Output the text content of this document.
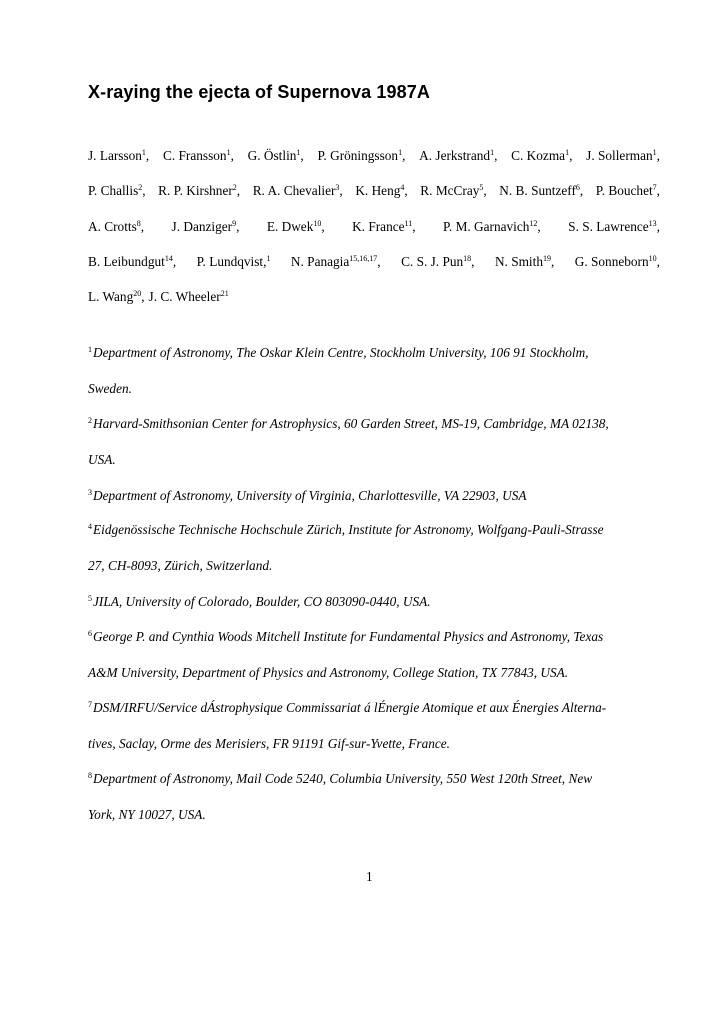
X-raying the ejecta of Supernova 1987A
J. Larsson$^1$, C. Fransson$^1$, G. Östlin$^1$, P. Gröningsson$^1$, A. Jerkstrand$^1$, C. Kozma$^1$, J. Sollerman$^1$,
P. Challis$^2$, R. P. Kirshner$^2$, R. A. Chevalier$^3$, K. Heng$^4$, R. McCray$^5$, N. B. Suntzeff$^6$, P. Bouchet$^7$,
A. Crotts$^8$, J. Danziger$^9$, E. Dwek$^{10}$, K. France$^{11}$, P. M. Garnavich$^{12}$, S. S. Lawrence$^{13}$,
B. Leibundgut$^{14}$, P. Lundqvist,$^1$ N. Panagia$^{15,16,17}$, C. S. J. Pun$^{18}$, N. Smith$^{19}$, G. Sonneborn$^{10}$,
L. Wang$^{20}$, J. C. Wheeler$^{21}$
$^1$Department of Astronomy, The Oskar Klein Centre, Stockholm University, 106 91 Stockholm,
Sweden.
$^2$Harvard-Smithsonian Center for Astrophysics, 60 Garden Street, MS-19, Cambridge, MA 02138,
USA.
$^3$Department of Astronomy, University of Virginia, Charlottesville, VA 22903, USA
$^4$Eidgenössische Technische Hochschule Zürich, Institute for Astronomy, Wolfgang-Pauli-Strasse
27, CH-8093, Zürich, Switzerland.
$^5$JILA, University of Colorado, Boulder, CO 803090-0440, USA.
$^6$George P. and Cynthia Woods Mitchell Institute for Fundamental Physics and Astronomy, Texas
A&M University, Department of Physics and Astronomy, College Station, TX 77843, USA.
$^7$DSM/IRFU/Service dÁstrophysique Commissariat á lÉnergie Atomique et aux Énergies Alterna-
tives, Saclay, Orme des Merisiers, FR 91191 Gif-sur-Yvette, France.
$^8$Department of Astronomy, Mail Code 5240, Columbia University, 550 West 120th Street, New
York, NY 10027, USA.
1
